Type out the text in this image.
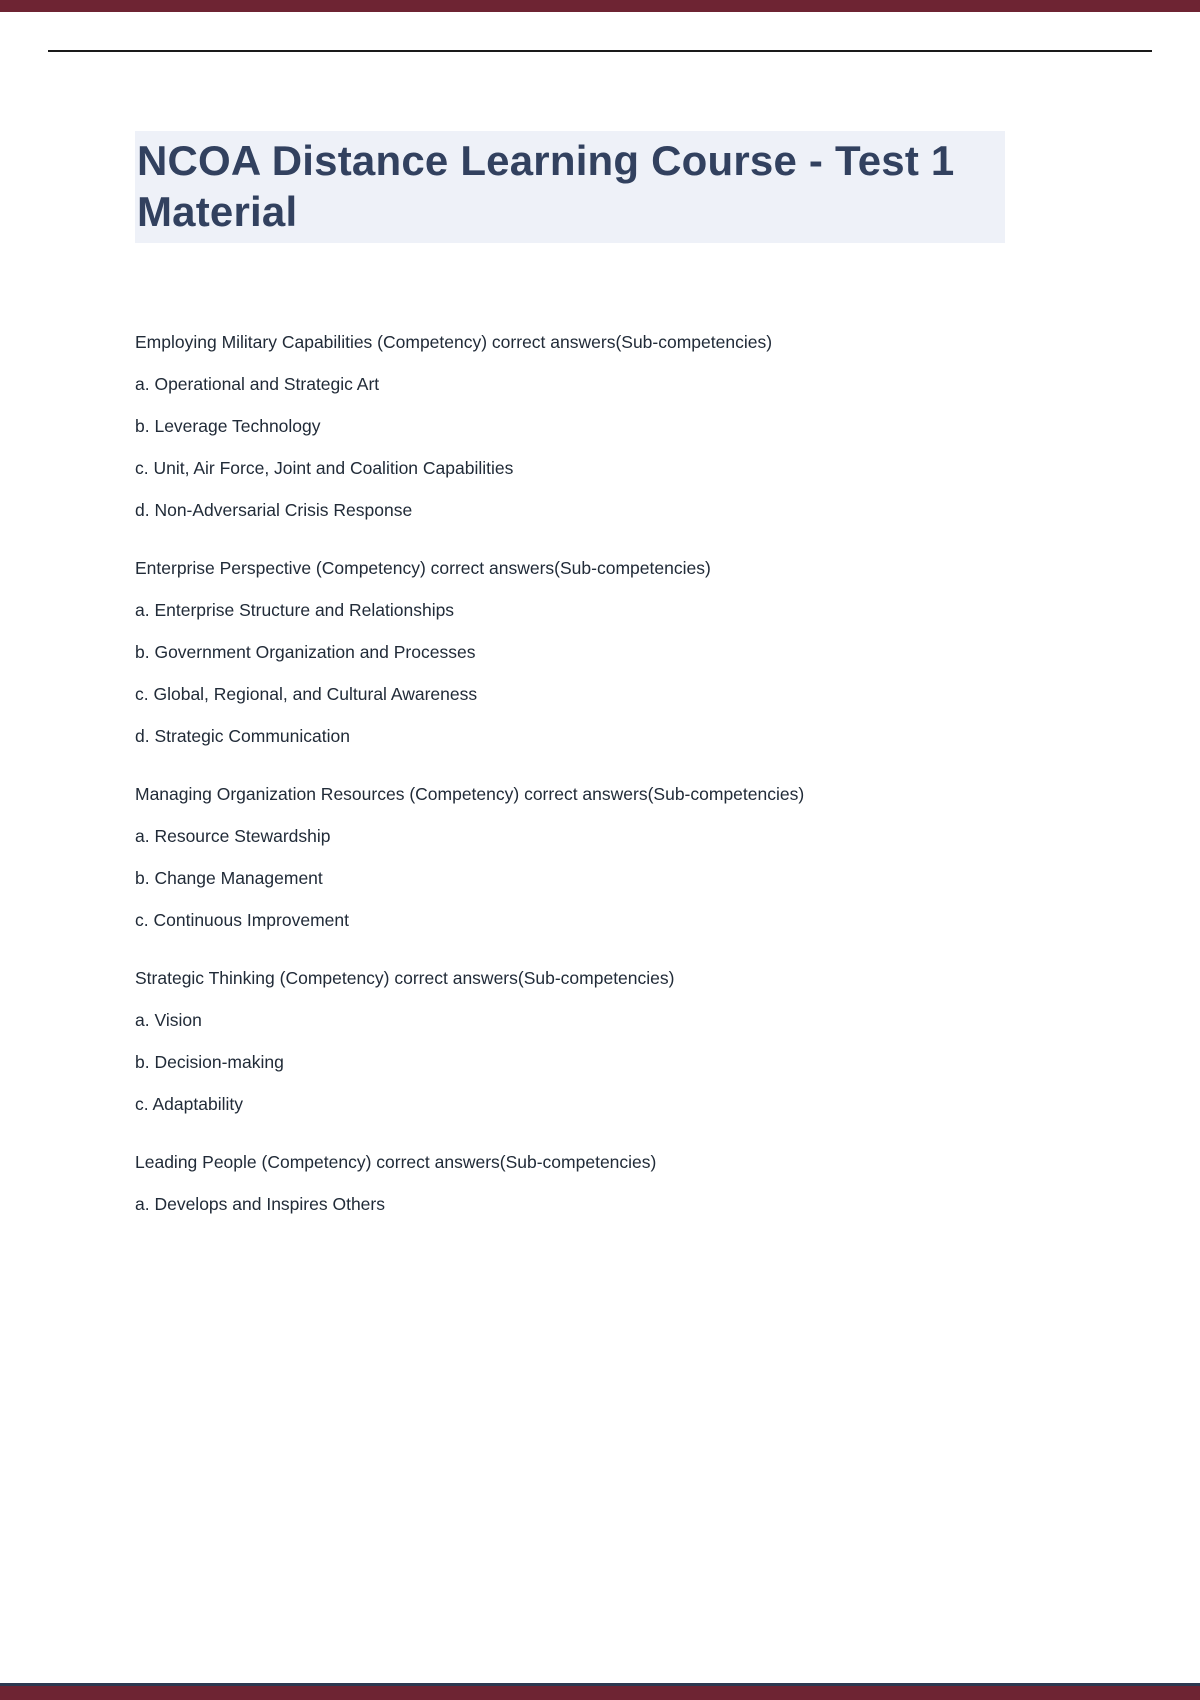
NCOA Distance Learning Course - Test 1 Material

Employing Military Capabilities (Competency) correct answers(Sub-competencies)

a. Operational and Strategic Art

b. Leverage Technology

c. Unit, Air Force, Joint and Coalition Capabilities

d. Non-Adversarial Crisis Response

Enterprise Perspective (Competency) correct answers(Sub-competencies)

a. Enterprise Structure and Relationships

b. Government Organization and Processes

c. Global, Regional, and Cultural Awareness

d. Strategic Communication

Managing Organization Resources (Competency) correct answers(Sub-competencies)

a. Resource Stewardship

b. Change Management

c. Continuous Improvement

Strategic Thinking (Competency) correct answers(Sub-competencies)

a. Vision

b. Decision-making

c. Adaptability

Leading People (Competency) correct answers(Sub-competencies)

a. Develops and Inspires Others
